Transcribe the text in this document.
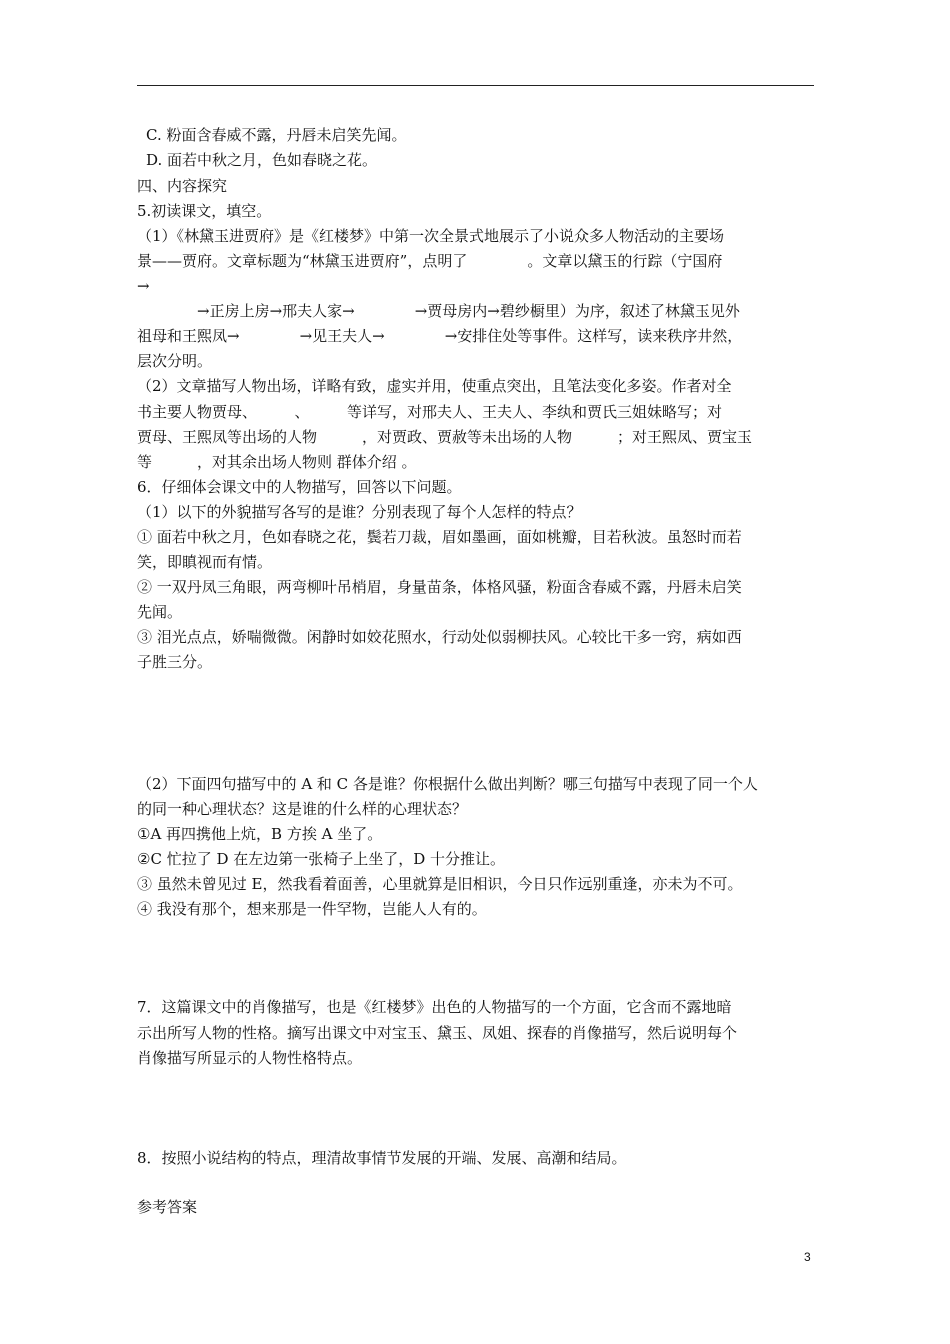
C. 粉面含春威不露，丹唇未启笑先闻。
D. 面若中秋之月，色如春晓之花。
四、内容探究
5.初读课文，填空。
（1）《林黛玉进贾府》是《红楼梦》中第一次全景式地展示了小说众多人物活动的主要场
景——贾府。文章标题为“林黛玉进贾府”，点明了　　　　。文章以黛玉的行踪（宁国府
→
　　　　→正房上房→邢夫人家→　　　　→贾母房内→碧纱橱里）为序，叙述了林黛玉见外
祖母和王熙凤→　　　　→见王夫人→　　　　→安排住处等事件。这样写，读来秩序井然，
层次分明。
（2）文章描写人物出场，详略有致，虚实并用，使重点突出，且笔法变化多姿。作者对全
书主要人物贾母、　　　、　　　等详写，对邢夫人、王夫人、李纨和贾氏三姐妹略写；对
贾母、王熙凤等出场的人物　　　，对贾政、贾赦等未出场的人物　　　；对王熙凤、贾宝玉
等　　　，对其余出场人物则 群体介绍 。
6．仔细体会课文中的人物描写，回答以下问题。
（1）以下的外貌描写各写的是谁？分别表现了每个人怎样的特点？
① 面若中秋之月，色如春晓之花，鬓若刀裁，眉如墨画，面如桃瓣，目若秋波。虽怒时而若
笑，即瞋视而有情。
② 一双丹凤三角眼，两弯柳叶吊梢眉，身量苗条，体格风骚，粉面含春威不露，丹唇未启笑
先闻。
③ 泪光点点，娇喘微微。闲静时如姣花照水，行动处似弱柳扶风。心较比干多一窍，病如西
子胜三分。
（2）下面四句描写中的 A 和 C 各是谁？你根据什么做出判断？哪三句描写中表现了同一个人
的同一种心理状态？这是谁的什么样的心理状态？
①A 再四携他上炕，B 方挨 A 坐了。
②C 忙拉了 D 在左边第一张椅子上坐了，D 十分推让。
③ 虽然未曾见过 E，然我看着面善，心里就算是旧相识，今日只作远别重逢，亦未为不可。
④ 我没有那个，想来那是一件罕物，岂能人人有的。
7．这篇课文中的肖像描写，也是《红楼梦》出色的人物描写的一个方面，它含而不露地暗
示出所写人物的性格。摘写出课文中对宝玉、黛玉、凤姐、探春的肖像描写，然后说明每个
肖像描写所显示的人物性格特点。
8．按照小说结构的特点，理清故事情节发展的开端、发展、高潮和结局。
参考答案
3
